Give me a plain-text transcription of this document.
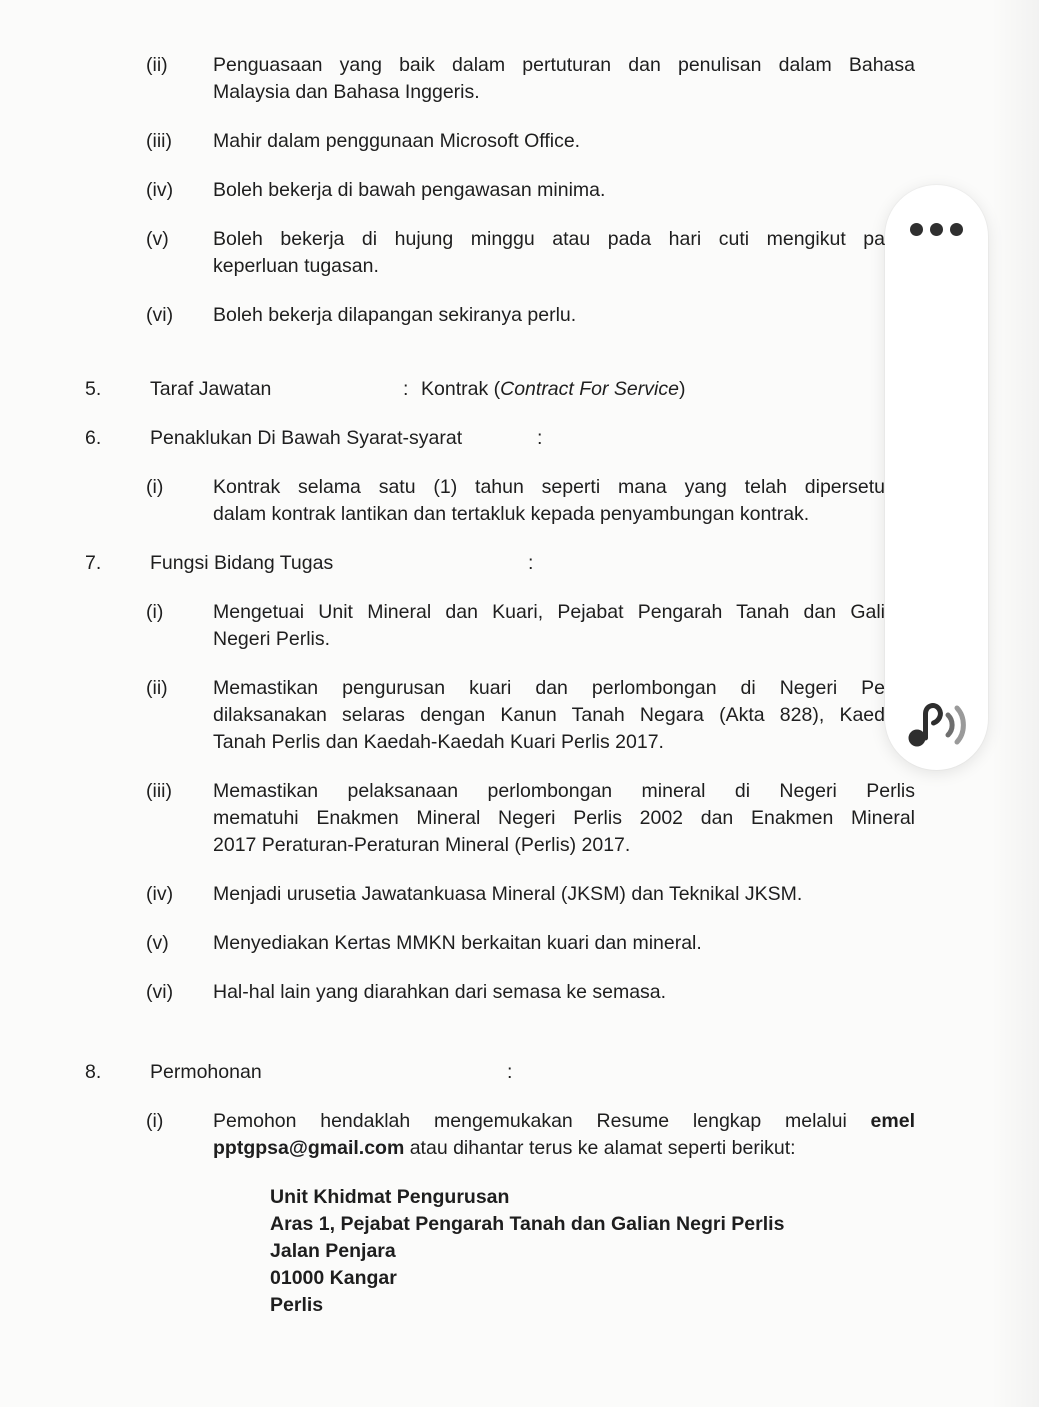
(ii)	Penguasaan yang baik dalam pertuturan dan penulisan dalam Bahasa
Malaysia dan Bahasa Inggeris.
(iii)	Mahir dalam penggunaan Microsoft Office.
(iv)	Boleh bekerja di bawah pengawasan minima.
(v)	Boleh bekerja di hujung minggu atau pada hari cuti mengikut pa
keperluan tugasan.
(vi)	Boleh bekerja dilapangan sekiranya perlu.
5.	Taraf Jawatan	: Kontrak (Contract For Service)
6.	Penaklukan Di Bawah Syarat-syarat	:
(i)	Kontrak selama satu (1) tahun seperti mana yang telah dipersetu
dalam kontrak lantikan dan tertakluk kepada penyambungan kontrak.
7.	Fungsi Bidang Tugas	:
(i)	Mengetuai Unit Mineral dan Kuari, Pejabat Pengarah Tanah dan Gali
Negeri Perlis.
(ii)	Memastikan pengurusan kuari dan perlombongan di Negeri Pe
dilaksanakan selaras dengan Kanun Tanah Negara (Akta 828), Kaed
Tanah Perlis dan Kaedah-Kaedah Kuari Perlis 2017.
(iii)	Memastikan pelaksanaan perlombongan mineral di Negeri Perlis
mematuhi Enakmen Mineral Negeri Perlis 2002 dan Enakmen Mineral
2017 Peraturan-Peraturan Mineral (Perlis) 2017.
(iv)	Menjadi urusetia Jawatankuasa Mineral (JKSM) dan Teknikal JKSM.
(v)	Menyediakan Kertas MMKN berkaitan kuari dan mineral.
(vi)	Hal-hal lain yang diarahkan dari semasa ke semasa.
8.	Permohonan	:
(i)	Pemohon hendaklah mengemukakan Resume lengkap melalui emel
pptgpsa@gmail.com atau dihantar terus ke alamat seperti berikut:
Unit Khidmat Pengurusan
Aras 1, Pejabat Pengarah Tanah dan Galian Negri Perlis
Jalan Penjara
01000 Kangar
Perlis
